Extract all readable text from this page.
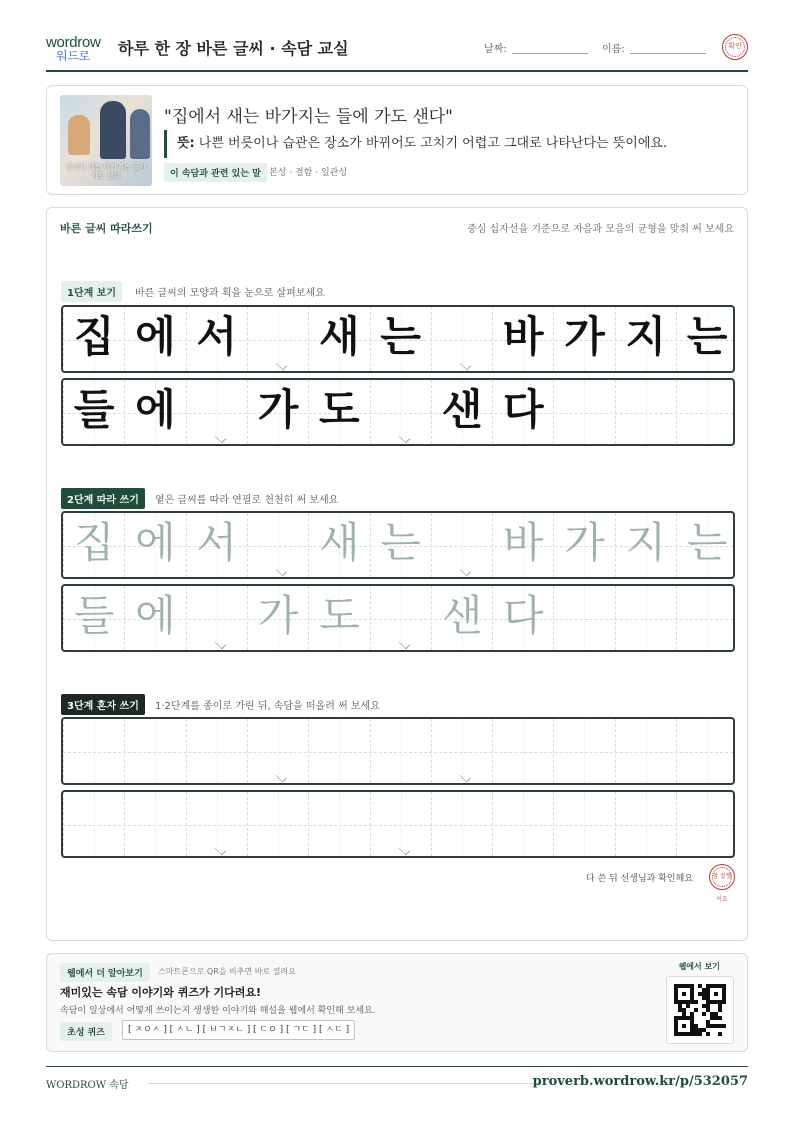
wordrow
워드로 하루 한 장 바른 글씨 · 속담 교실	날짜:	이름:	확인
집에서 새는 바가지는 들에 가도 샌다
"집에서 새는 바가지는 들에 가도 샌다"
뜻: 나쁜 버릇이나 습관은 장소가 바뀌어도 고치기 어렵고 그대로 나타난다는 뜻이에요.
이 속담과 관련 있는 말 본성 · 결함 · 일관성
바른 글씨 따라쓰기	중심 십자선을 기준으로 자음과 모음의 균형을 맞춰 써 보세요
1단계 보기	바른 글씨의 모양과 획을 눈으로 살펴보세요
집 에 서 새 는 바 가 지 는
들 에 가 도 샌 다
2단계 따라 쓰기	옅은 글씨를 따라 연필로 천천히 써 보세요
집 에 서 새 는 바 가 지 는
들 에 가 도 샌 다
3단계 혼자 쓰기	1·2단계를 종이로 가린 뒤, 속담을 떠올려 써 보세요
다 쓴 뒤 선생님과 확인해요	참 잘했어요
웹에서 더 알아보기	스마트폰으로 QR을 비추면 바로 열려요
재미있는 속담 이야기와 퀴즈가 기다려요!
속담이 일상에서 어떻게 쓰이는지 생생한 이야기와 해설을 웹에서 확인해 보세요.
초성 퀴즈	[ ㅈㅇㅅ ] [ ㅅㄴ ] [ ㅂㄱㅈㄴ ] [ ㄷㅇ ] [ ㄱㄷ ] [ ㅅㄷ ]
웹에서 보기
WORDROW 속담	proverb.wordrow.kr/p/532057
